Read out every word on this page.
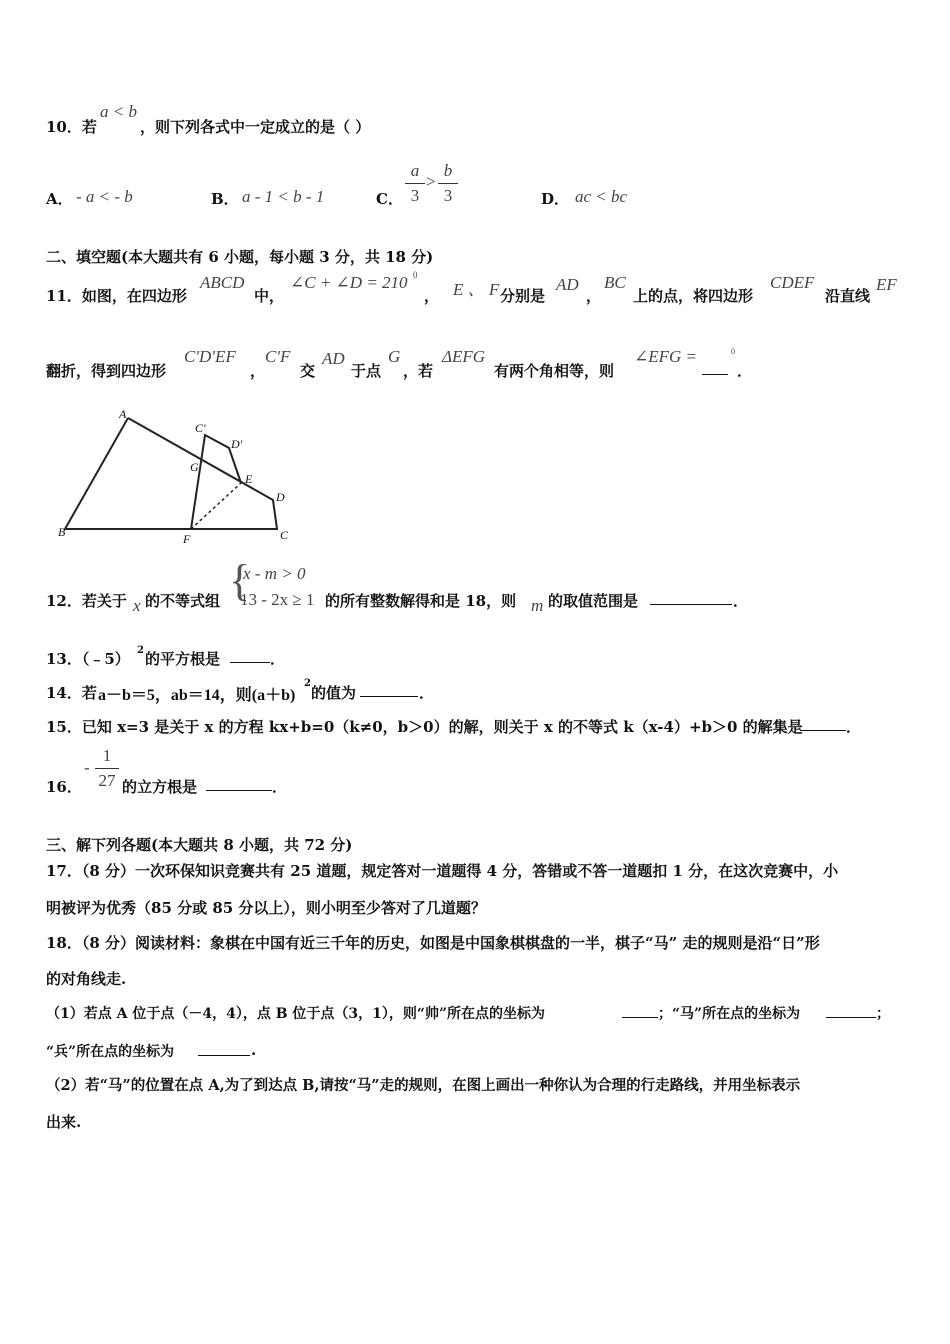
10．若
a < b
，则下列各式中一定成立的是（ ）
A． - a < - b	B． a - 1 < b - 1	C．
a
3
>
b
3	D． ac < bc
二、填空题(本大题共有 6 小题，每小题 3 分，共 18 分)
11．如图，在四边形
ABCD
中，
∠C + ∠D = 210 0
， E 、 F 分别是
AD
，
BC
上的点，将四边形
CDEF
沿直线
EF
翻折，得到四边形
C′D′EF
，
C′F
交
AD
于点
G
，若
ΔEFG
有两个角相等，则
∠EFG =	0
．
A
B	C
D
E
F
G
C'
D'
12．若关于 x 的不等式组 {
x - m > 0
13 - 2x ≥ 1 的所有整数解得和是 18，则 m 的取值范围是	．
13．（﹣5） 2 的平方根是	．
14．若 a－b＝5，ab＝14，则(a＋b)
2
的值为	．
15．已知 x=3 是关于 x 的方程 kx+b=0（k≠0，b＞0）的解，则关于 x 的不等式 k（x-4）+b＞0 的解集是	．
16．
-
1
27 的立方根是	．
三、解下列各题(本大题共 8 小题，共 72 分)
17．（8 分）一次环保知识竞赛共有 25 道题，规定答对一道题得 4 分，答错或不答一道题扣 1 分，在这次竞赛中，小
明被评为优秀（85 分或 85 分以上），则小明至少答对了几道题？
18．（8 分）阅读材料：象棋在中国有近三千年的历史，如图是中国象棋棋盘的一半，棋子“马” 走的规则是沿“日”形
的对角线走.
（1）若点 A 位于点（－4，4），点 B 位于点（3，1），则“帅”所在点的坐标为	；“马”所在点的坐标为	；
“兵”所在点的坐标为	.
（2）若“马”的位置在点 A,为了到达点 B,请按“马”走的规则，在图上画出一种你认为合理的行走路线，并用坐标表示
出来.
